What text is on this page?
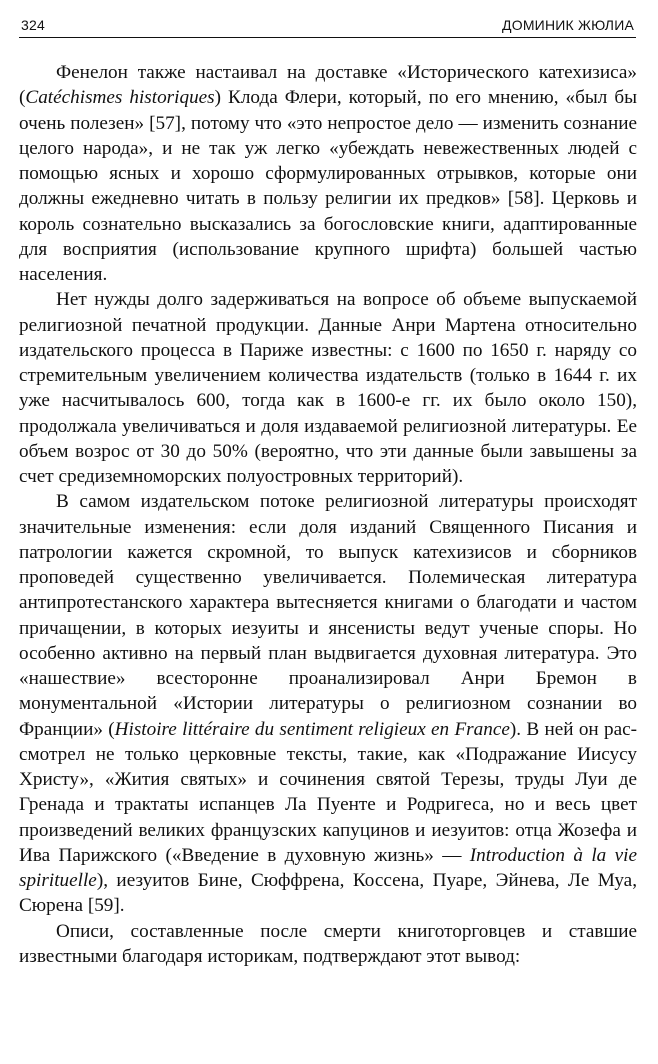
324	ДОМИНИК ЖЮЛИА

Фенелон также настаивал на доставке «Исторического катехизиса» (Catéchismes historiques) Клода Флери, который, по его мнению, «был бы очень полезен» [57], потому что «это непростое дело — изменить сознание целого народа», и не так уж легко «убеждать невежественных людей с помощью ясных и хорошо сформулированных отрывков, которые они должны ежедневно читать в пользу религии их предков» [58]. Церковь и король сознательно высказались за богословские книги, адаптированные для восприятия (использование крупного шрифта) большей частью населения.

Нет нужды долго задерживаться на вопросе об объеме выпускаемой религиозной печатной продукции. Данные Анри Мартена относительно издательского процесса в Париже известны: с 1600 по 1650 г. наряду со стремительным увеличением количества издательств (только в 1644 г. их уже насчитывалось 600, тогда как в 1600-е гг. их было около 150), продолжала увеличиваться и доля издаваемой религиозной литературы. Ее объем возрос от 30 до 50% (вероятно, что эти данные были завышены за счет средиземноморских полуостровных территорий).

В самом издательском потоке религиозной литературы происходят значительные изменения: если доля изданий Священного Писания и патрологии кажется скромной, то выпуск катехизисов и сборников проповедей существенно увеличивается. Полемическая литература антипротестанского характера вытесняется книгами о благодати и частом причащении, в которых иезуиты и янсенисты ведут ученые споры. Но особенно активно на первый план выдвигается духовная литература. Это «нашествие» всесторонне проанализировал Анри Бремон в монументальной «Истории литературы о религиозном сознании во Франции» (Histoire littéraire du sentiment religieux en France). В ней он рассмотрел не только церковные тексты, такие, как «Подражание Иисусу Христу», «Жития святых» и сочинения святой Терезы, труды Луи де Гренада и трактаты испанцев Ла Пуенте и Родригеса, но и весь цвет произведений великих французских капуцинов и иезуитов: отца Жозефа и Ива Парижского («Введение в духовную жизнь» — Introduction à la vie spirituelle), иезуитов Бине, Сюффрена, Коссена, Пуаре, Эйнева, Ле Муа, Сюрена [59].

Описи, составленные после смерти книготорговцев и ставшие известными благодаря историкам, подтверждают этот вывод:
